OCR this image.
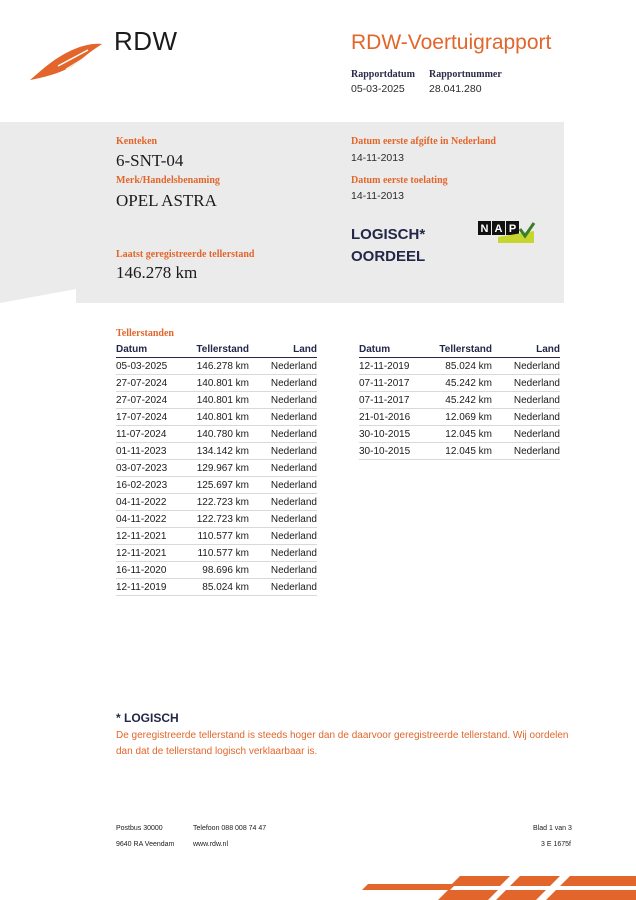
RDW	RDW-Voertuigrapport
Rapportdatum
05-03-2025
Rapportnummer
28.041.280
Kenteken
6-SNT-04
Merk/Handelsbenaming
OPEL ASTRA
Laatst geregistreerde tellerstand
146.278 km
Datum eerste afgifte in Nederland
14-11-2013
Datum eerste toelating
14-11-2013
LOGISCH*
OORDEEL
N A P
Tellerstanden
Datum	Tellerstand	Land
05-03-2025	146.278 km	Nederland
27-07-2024	140.801 km	Nederland
27-07-2024	140.801 km	Nederland
17-07-2024	140.801 km	Nederland
11-07-2024	140.780 km	Nederland
01-11-2023	134.142 km	Nederland
03-07-2023	129.967 km	Nederland
16-02-2023	125.697 km	Nederland
04-11-2022	122.723 km	Nederland
04-11-2022	122.723 km	Nederland
12-11-2021	110.577 km	Nederland
12-11-2021	110.577 km	Nederland
16-11-2020	98.696 km	Nederland
12-11-2019	85.024 km	Nederland
Datum	Tellerstand	Land
12-11-2019	85.024 km	Nederland
07-11-2017	45.242 km	Nederland
07-11-2017	45.242 km	Nederland
21-01-2016	12.069 km	Nederland
30-10-2015	12.045 km	Nederland
30-10-2015	12.045 km	Nederland
* LOGISCH
De geregistreerde tellerstand is steeds hoger dan de daarvoor geregistreerde tellerstand. Wij oordelen dan dat de tellerstand logisch verklaarbaar is.
Postbus 30000
9640 RA Veendam
Telefoon 088 008 74 47
www.rdw.nl
Blad 1 van 3
3 E 1675f
